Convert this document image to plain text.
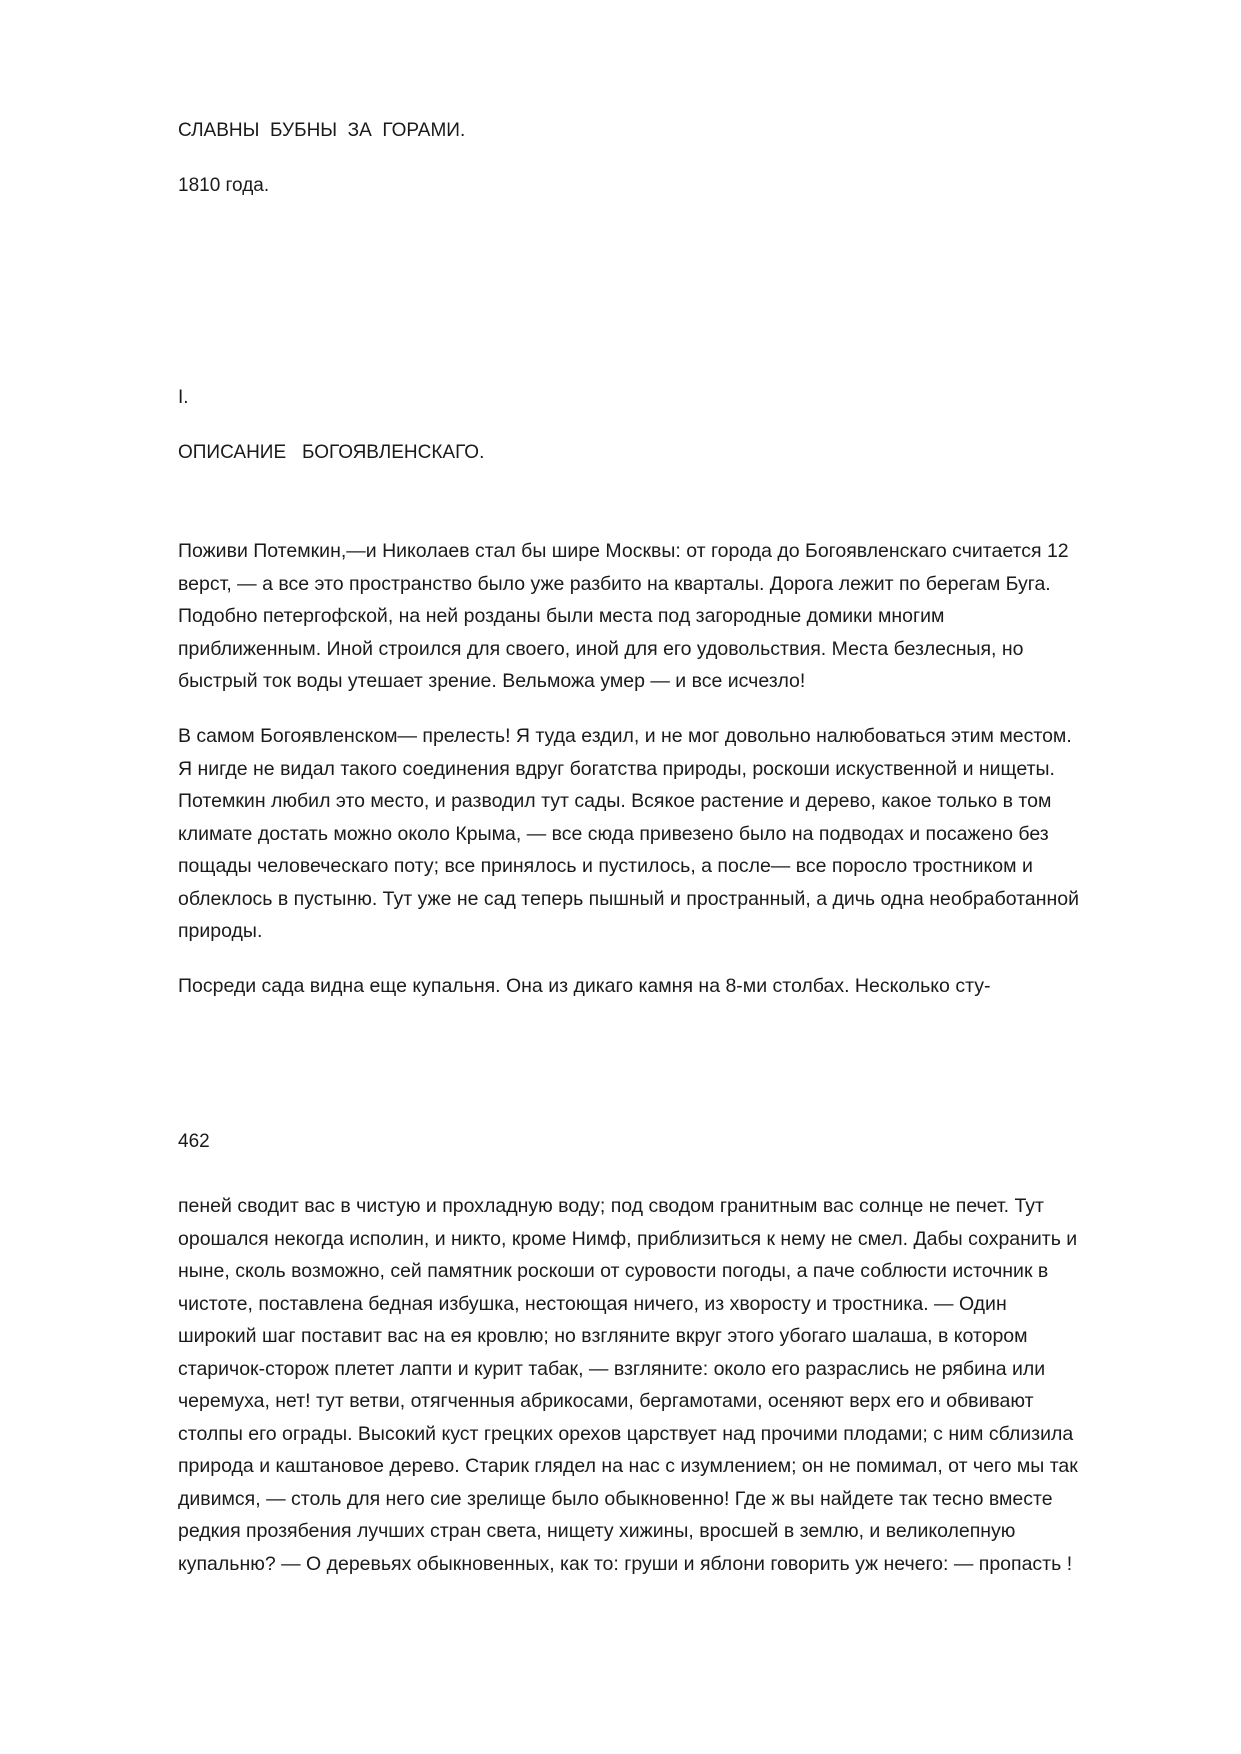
СЛАВНЫ  БУБНЫ  ЗА  ГОРАМИ.

1810 года.

I.

ОПИСАНИЕ   БОГОЯВЛЕНСКАГО.

Поживи Потемкин,—и Николаев стал бы шире Москвы: от города до Богоявленскаго считается 12
верст, — а все это пространство было уже разбито на кварталы. Дорога лежит по берегам Буга.
Подобно петергофской, на ней розданы были места под загородные домики многим
приближенным. Иной строился для своего, иной для его удовольствия. Места безлесныя, но
быстрый ток воды утешает зрение. Вельможа умер — и все исчезло!
В самом Богоявленском— прелесть! Я туда ездил, и не мог довольно налюбоваться этим местом.
Я нигде не видал такого соединения вдруг богатства природы, роскоши искуственной и нищеты.
Потемкин любил это место, и разводил тут сады. Всякое растение и дерево, какое только в том
климате достать можно около Крыма, — все сюда привезено было на подводах и посажено без
пощады человеческаго поту; все принялось и пустилось, а после— все поросло тростником и
облеклось в пустыню. Тут уже не сад теперь пышный и пространный, а дичь одна необработанной
природы.
Посреди сада видна еще купальня. Она из дикаго камня на 8-ми столбах. Несколько сту-

462

пеней сводит вас в чистую и прохладную воду; под сводом гранитным вас солнце не печет. Тут
орошался некогда исполин, и никто, кроме Нимф, приблизиться к нему не смел. Дабы сохранить и
ныне, сколь возможно, сей памятник роскоши от суровости погоды, а паче соблюсти источник в
чистоте, поставлена бедная избушка, нестоющая ничего, из хворосту и тростника. — Один
широкий шаг поставит вас на ея кровлю; но взгляните вкруг этого убогаго шалаша, в котором
старичок-сторож плетет лапти и курит табак, — взгляните: около его разраслись не рябина или
черемуха, нет! тут ветви, отягченныя абрикосами, бергамотами, осеняют верх его и обвивают
столпы его ограды. Высокий куст грецких орехов царствует над прочими плодами; с ним сблизила
природа и каштановое дерево. Старик глядел на нас с изумлением; он не помимал, от чего мы так
дивимся, — столь для него сие зрелище было обыкновенно! Где ж вы найдете так тесно вместе
редкия прозябения лучших стран света, нищету хижины, вросшей в землю, и великолепную
купальню? — О деревьях обыкновенных, как то: груши и яблони говорить уж нечего: — пропасть !
